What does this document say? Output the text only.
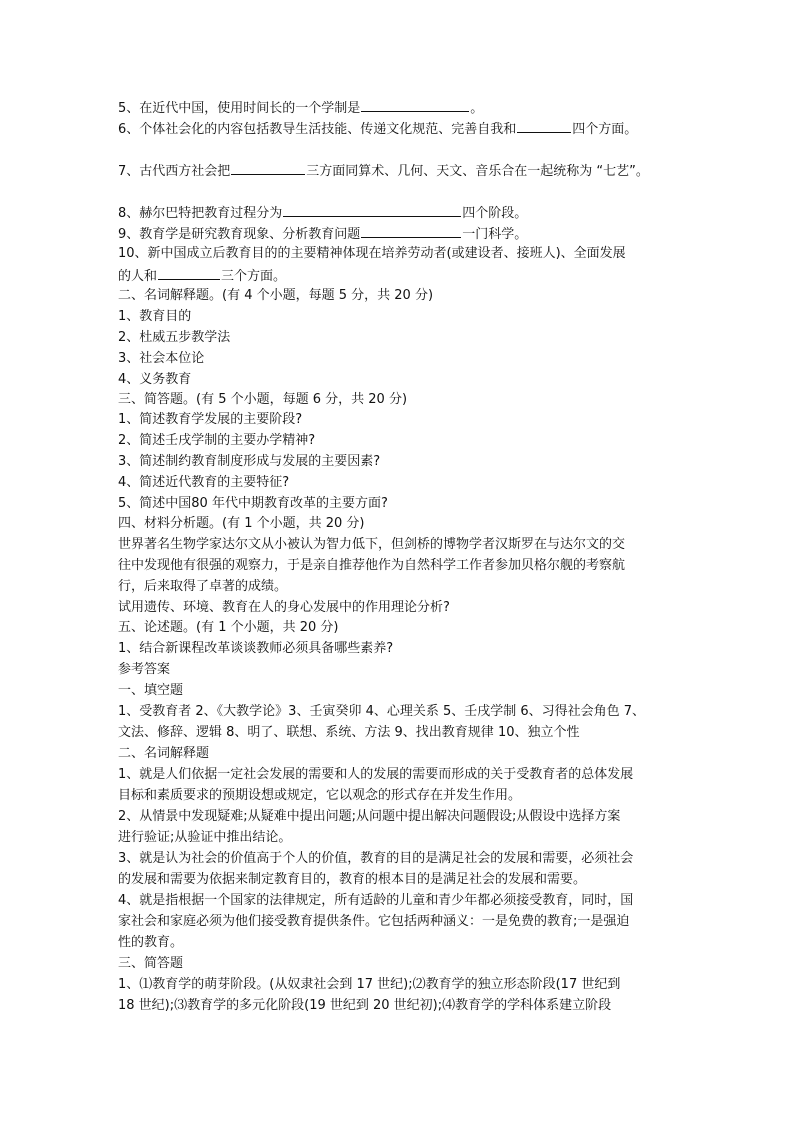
5、在近代中国，使用时间长的一个学制是	。
6、个体社会化的内容包括教导生活技能、传递文化规范、完善自我和	四个方面。
7、古代西方社会把	三方面同算术、几何、天文、音乐合在一起统称为 “七艺”。
8、赫尔巴特把教育过程分为	四个阶段。
9、教育学是研究教育现象、分析教育问题	一门科学。
10、新中国成立后教育目的的主要精神体现在培养劳动者(或建设者、接班人)、全面发展
的人和	三个方面。
二、名词解释题。(有 4 个小题，每题 5 分，共 20 分)
1、教育目的
2、杜威五步教学法
3、社会本位论
4、义务教育
三、简答题。(有 5 个小题，每题 6 分，共 20 分)
1、简述教育学发展的主要阶段?
2、简述壬戌学制的主要办学精神?
3、简述制约教育制度形成与发展的主要因素?
4、简述近代教育的主要特征?
5、简述中国80 年代中期教育改革的主要方面?
四、材料分析题。(有 1 个小题，共 20 分)
世界著名生物学家达尔文从小被认为智力低下，但剑桥的博物学者汉斯罗在与达尔文的交
往中发现他有很强的观察力，于是亲自推荐他作为自然科学工作者参加贝格尔舰的考察航
行，后来取得了卓著的成绩。
试用遗传、环境、教育在人的身心发展中的作用理论分析?
五、论述题。(有 1 个小题，共 20 分)
1、结合新课程改革谈谈教师必须具备哪些素养?
参考答案
一、填空题
1、受教育者 2、《大教学论》3、壬寅癸卯 4、心理关系 5、壬戌学制 6、习得社会角色 7、
文法、修辞、逻辑 8、明了、联想、系统、方法 9、找出教育规律 10、独立个性
二、名词解释题
1、就是人们依据一定社会发展的需要和人的发展的需要而形成的关于受教育者的总体发展
目标和素质要求的预期设想或规定，它以观念的形式存在并发生作用。
2、从情景中发现疑难;从疑难中提出问题;从问题中提出解决问题假设;从假设中选择方案
进行验证;从验证中推出结论。
3、就是认为社会的价值高于个人的价值，教育的目的是满足社会的发展和需要，必须社会
的发展和需要为依据来制定教育目的，教育的根本目的是满足社会的发展和需要。
4、就是指根据一个国家的法律规定，所有适龄的儿童和青少年都必须接受教育，同时，国
家社会和家庭必须为他们接受教育提供条件。它包括两种涵义：一是免费的教育;一是强迫
性的教育。
三、简答题
1、⑴教育学的萌芽阶段。(从奴隶社会到 17 世纪);⑵教育学的独立形态阶段(17 世纪到
18 世纪);⑶教育学的多元化阶段(19 世纪到 20 世纪初);⑷教育学的学科体系建立阶段
